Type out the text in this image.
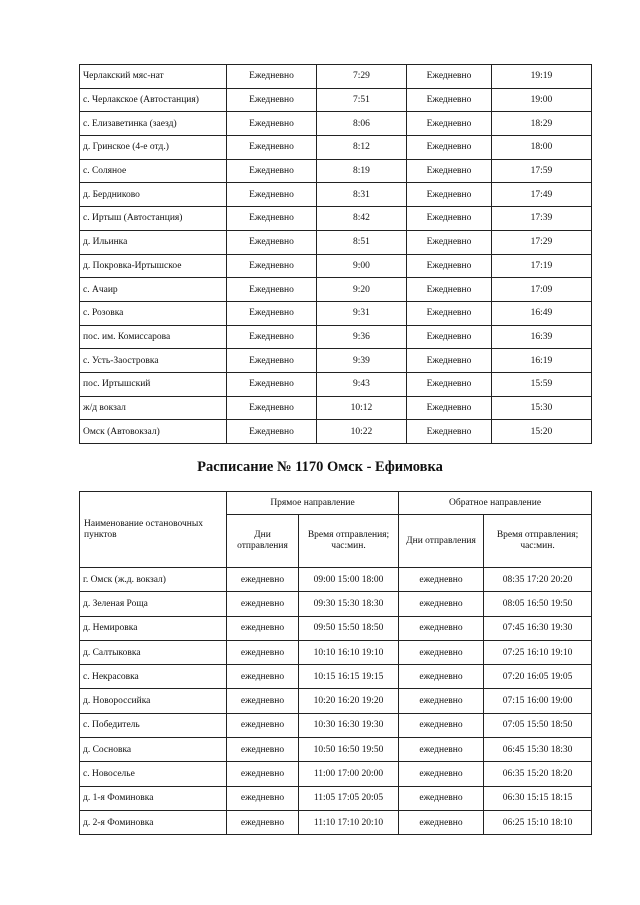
Черлакский мяс-нат	Ежедневно	7:29	Ежедневно	19:19
с. Черлакское (Автостанция)	Ежедневно	7:51	Ежедневно	19:00
с. Елизаветинка (заезд)	Ежедневно	8:06	Ежедневно	18:29
д. Гринское (4-е отд.)	Ежедневно	8:12	Ежедневно	18:00
с. Соляное	Ежедневно	8:19	Ежедневно	17:59
д. Бердниково	Ежедневно	8:31	Ежедневно	17:49
с. Иртыш (Автостанция)	Ежедневно	8:42	Ежедневно	17:39
д. Ильинка	Ежедневно	8:51	Ежедневно	17:29
д. Покровка-Иртышское	Ежедневно	9:00	Ежедневно	17:19
с. Ачаир	Ежедневно	9:20	Ежедневно	17:09
с. Розовка	Ежедневно	9:31	Ежедневно	16:49
пос. им. Комиссарова	Ежедневно	9:36	Ежедневно	16:39
с. Усть-Заостровка	Ежедневно	9:39	Ежедневно	16:19
пос. Иртышский	Ежедневно	9:43	Ежедневно	15:59
ж/д вокзал	Ежедневно	10:12	Ежедневно	15:30
Омск (Автовокзал)	Ежедневно	10:22	Ежедневно	15:20
Расписание № 1170 Омск - Ефимовка
Наименование остановочных пунктов	Прямое направление		Обратное направление	
	Дни отправления	Время отправления; час:мин.	Дни отправления	Время отправления; час:мин.
г. Омск (ж.д. вокзал)	ежедневно	09:00 15:00 18:00	ежедневно	08:35 17:20 20:20
д. Зеленая Роща	ежедневно	09:30 15:30 18:30	ежедневно	08:05 16:50 19:50
д. Немировка	ежедневно	09:50 15:50 18:50	ежедневно	07:45 16:30 19:30
д. Салтыковка	ежедневно	10:10 16:10 19:10	ежедневно	07:25 16:10 19:10
с. Некрасовка	ежедневно	10:15 16:15 19:15	ежедневно	07:20 16:05 19:05
д. Новороссийка	ежедневно	10:20 16:20 19:20	ежедневно	07:15 16:00 19:00
с. Победитель	ежедневно	10:30 16:30 19:30	ежедневно	07:05 15:50 18:50
д. Сосновка	ежедневно	10:50 16:50 19:50	ежедневно	06:45 15:30 18:30
с. Новоселье	ежедневно	11:00 17:00 20:00	ежедневно	06:35 15:20 18:20
д. 1-я Фоминовка	ежедневно	11:05 17:05 20:05	ежедневно	06:30 15:15 18:15
д. 2-я Фоминовка	ежедневно	11:10 17:10 20:10	ежедневно	06:25 15:10 18:10
